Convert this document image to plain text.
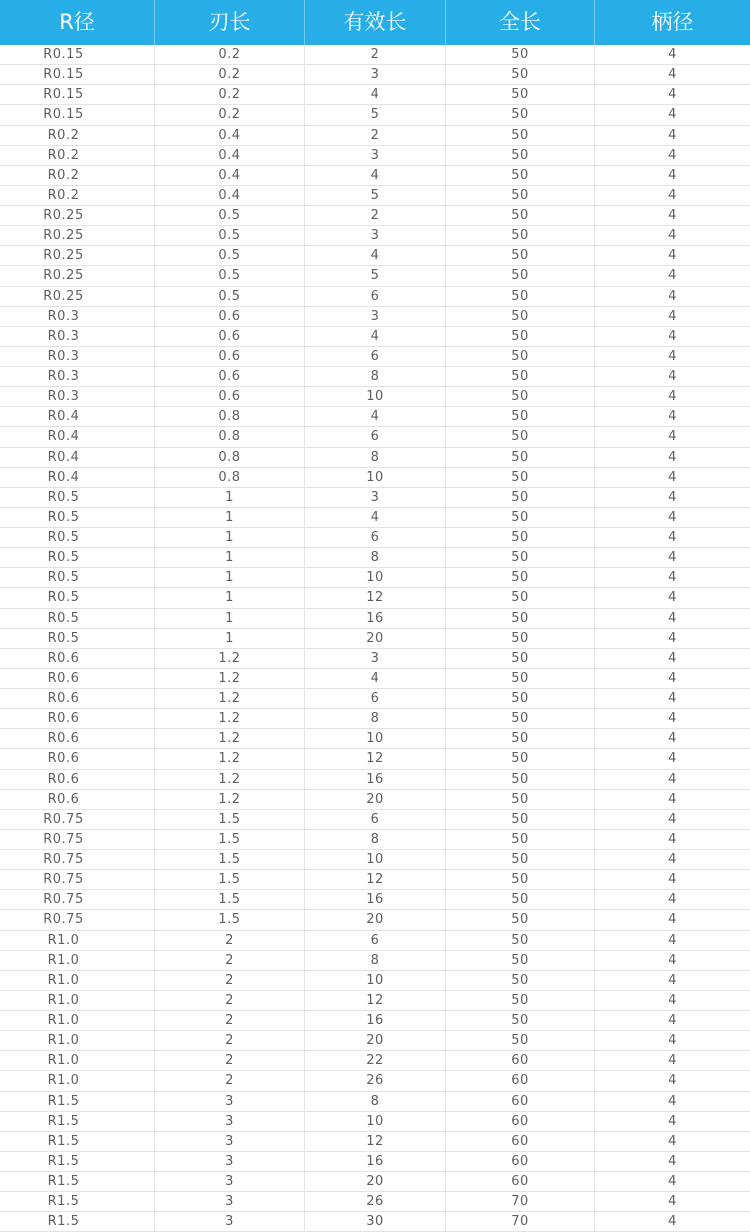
R径	刃长	有效长	全长	柄径
R0.15	0.2	2	50	4
R0.15	0.2	3	50	4
R0.15	0.2	4	50	4
R0.15	0.2	5	50	4
R0.2	0.4	2	50	4
R0.2	0.4	3	50	4
R0.2	0.4	4	50	4
R0.2	0.4	5	50	4
R0.25	0.5	2	50	4
R0.25	0.5	3	50	4
R0.25	0.5	4	50	4
R0.25	0.5	5	50	4
R0.25	0.5	6	50	4
R0.3	0.6	3	50	4
R0.3	0.6	4	50	4
R0.3	0.6	6	50	4
R0.3	0.6	8	50	4
R0.3	0.6	10	50	4
R0.4	0.8	4	50	4
R0.4	0.8	6	50	4
R0.4	0.8	8	50	4
R0.4	0.8	10	50	4
R0.5	1	3	50	4
R0.5	1	4	50	4
R0.5	1	6	50	4
R0.5	1	8	50	4
R0.5	1	10	50	4
R0.5	1	12	50	4
R0.5	1	16	50	4
R0.5	1	20	50	4
R0.6	1.2	3	50	4
R0.6	1.2	4	50	4
R0.6	1.2	6	50	4
R0.6	1.2	8	50	4
R0.6	1.2	10	50	4
R0.6	1.2	12	50	4
R0.6	1.2	16	50	4
R0.6	1.2	20	50	4
R0.75	1.5	6	50	4
R0.75	1.5	8	50	4
R0.75	1.5	10	50	4
R0.75	1.5	12	50	4
R0.75	1.5	16	50	4
R0.75	1.5	20	50	4
R1.0	2	6	50	4
R1.0	2	8	50	4
R1.0	2	10	50	4
R1.0	2	12	50	4
R1.0	2	16	50	4
R1.0	2	20	50	4
R1.0	2	22	60	4
R1.0	2	26	60	4
R1.5	3	8	60	4
R1.5	3	10	60	4
R1.5	3	12	60	4
R1.5	3	16	60	4
R1.5	3	20	60	4
R1.5	3	26	70	4
R1.5	3	30	70	4
